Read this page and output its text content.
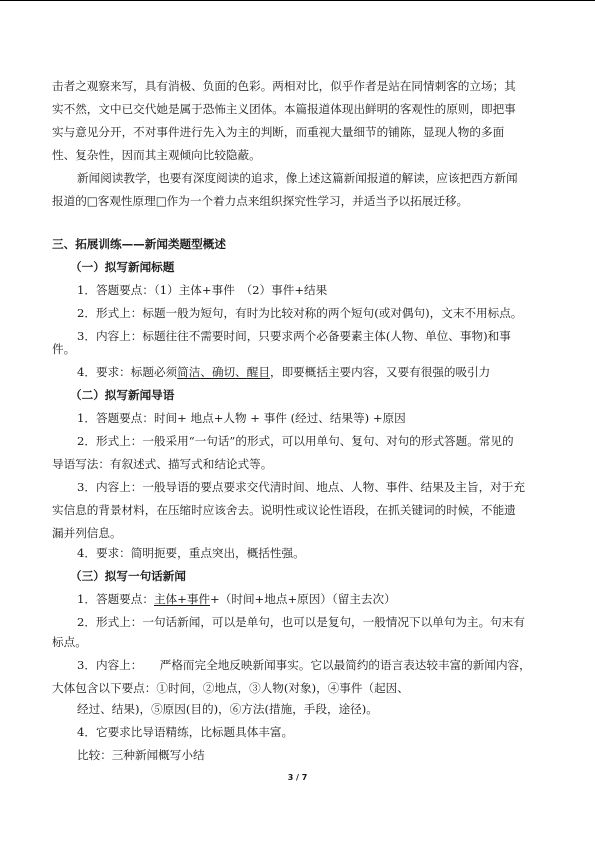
击者之观察来写，具有消极、负面的色彩。两相对比，似乎作者是站在同情刺客的立场；其
实不然，文中已交代她是属于恐怖主义团体。本篇报道体现出鲜明的客观性的原则，即把事
实与意见分开，不对事件进行先入为主的判断，而重视大量细节的铺陈，显现人物的多面
性、复杂性，因而其主观倾向比较隐蔽。
新闻阅读教学，也要有深度阅读的追求，像上述这篇新闻报道的解读，应该把西方新闻
报道的□客观性原理□作为一个着力点来组织探究性学习，并适当予以拓展迁移。
三、拓展训练——新闻类题型概述
（一）拟写新闻标题
1．答题要点：（1）主体+事件　（2）事件+结果
2．形式上：标题一般为短句，有时为比较对称的两个短句(或对偶句)，文末不用标点。
3．内容上：标题往往不需要时间，只要求两个必备要素主体(人物、单位、事物)和事
件。
4．要求：标题必须简洁、确切、醒目，即要概括主要内容，又要有很强的吸引力
（二）拟写新闻导语
1．答题要点：时间+ 地点+人物 + 事件 (经过、结果等) +原因
2．形式上：一般采用“一句话”的形式，可以用单句、复句、对句的形式答题。常见的
导语写法：有叙述式、描写式和结论式等。
3．内容上：一般导语的要点要求交代清时间、地点、人物、事件、结果及主旨，对于充
实信息的背景材料，在压缩时应该舍去。说明性或议论性语段，在抓关键词的时候，不能遗
漏并列信息。
4．要求：简明扼要，重点突出，概括性强。
（三）拟写一句话新闻
1．答题要点：主体+事件+（时间+地点+原因）（留主去次）
2．形式上：一句话新闻，可以是单句，也可以是复句，一般情况下以单句为主。句末有
标点。
3．内容上：　　严格而完全地反映新闻事实。它以最简约的语言表达较丰富的新闻内容，
大体包含以下要点：①时间，②地点，③人物(对象)，④事件（起因、
经过、结果)，⑤原因(目的)，⑥方法(措施，手段，途径)。
4．它要求比导语精练，比标题具体丰富。
比较：三种新闻概写小结
3 / 7
